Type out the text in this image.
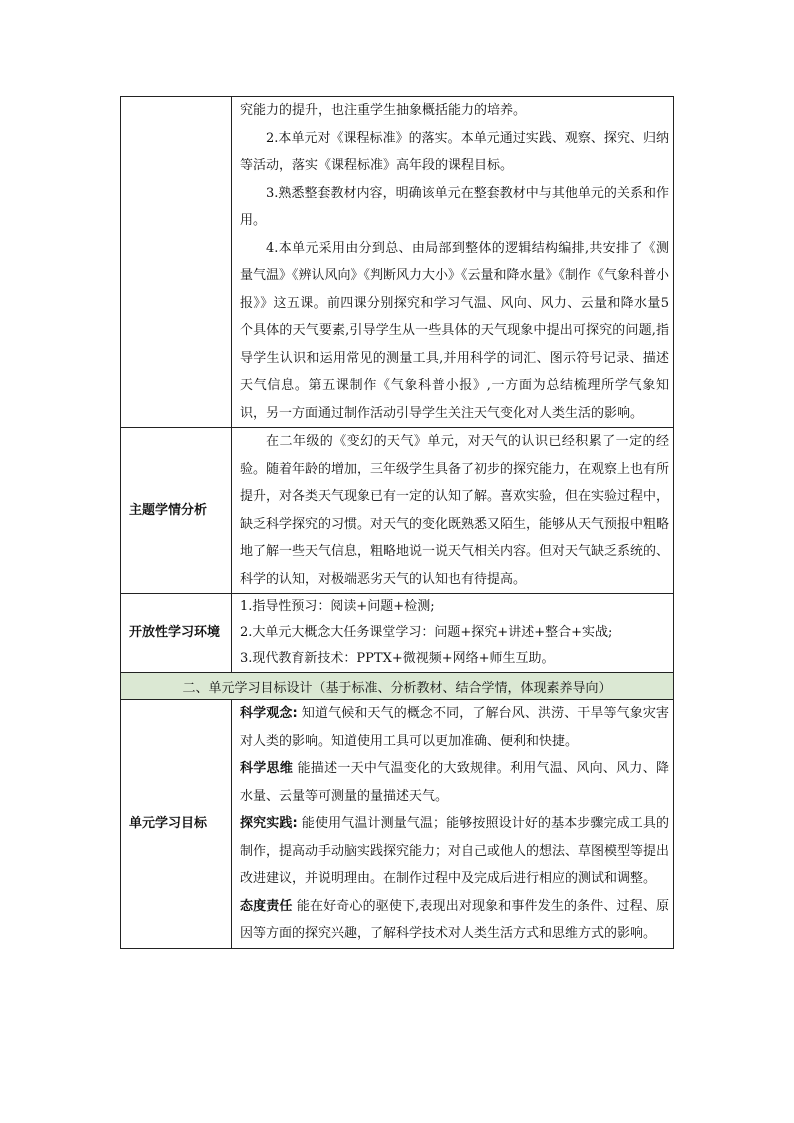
	究能力的提升，也注重学生抽象概括能力的培养。

2.本单元对《课程标准》的落实。本单元通过实践、观察、探究、归纳等活动，落实《课程标准》高年段的课程目标。

3.熟悉整套教材内容，明确该单元在整套教材中与其他单元的关系和作用。

4.本单元采用由分到总、由局部到整体的逻辑结构编排,共安排了《测量气温》《辨认风向》《判断风力大小》《云量和降水量》《制作《气象科普小报》》这五课。前四课分别探究和学习气温、风向、风力、云量和降水量5个具体的天气要素,引导学生从一些具体的天气现象中提出可探究的问题,指导学生认识和运用常见的测量工具,并用科学的词汇、图示符号记录、描述天气信息。第五课制作《气象科普小报》,一方面为总结梳理所学气象知识，另一方面通过制作活动引导学生关注天气变化对人类生活的影响。

主题学情分析	在二年级的《变幻的天气》单元，对天气的认识已经积累了一定的经验。随着年龄的增加，三年级学生具备了初步的探究能力，在观察上也有所提升，对各类天气现象已有一定的认知了解。喜欢实验，但在实验过程中，缺乏科学探究的习惯。对天气的变化既熟悉又陌生，能够从天气预报中粗略地了解一些天气信息，粗略地说一说天气相关内容。但对天气缺乏系统的、科学的认知，对极端恶劣天气的认知也有待提高。

开放性学习环境	1.指导性预习：阅读+问题+检测;

2.大单元大概念大任务课堂学习：问题+探究+讲述+整合+实战;

3.现代教育新技术：PPTX+微视频+网络+师生互助。

二、单元学习目标设计（基于标准、分析教材、结合学情，体现素养导向）	
单元学习目标	科学观念: 知道气候和天气的概念不同，了解台风、洪涝、干旱等气象灾害对人类的影响。知道使用工具可以更加准确、便利和快捷。

科学思维 能描述一天中气温变化的大致规律。利用气温、风向、风力、降水量、云量等可测量的量描述天气。

探究实践: 能使用气温计测量气温；能够按照设计好的基本步骤完成工具的制作，提高动手动脑实践探究能力；对自己或他人的想法、草图模型等提出改进建议，并说明理由。在制作过程中及完成后进行相应的测试和调整。

态度责任 能在好奇心的驱使下,表现出对现象和事件发生的条件、过程、原因等方面的探究兴趣，了解科学技术对人类生活方式和思维方式的影响。
